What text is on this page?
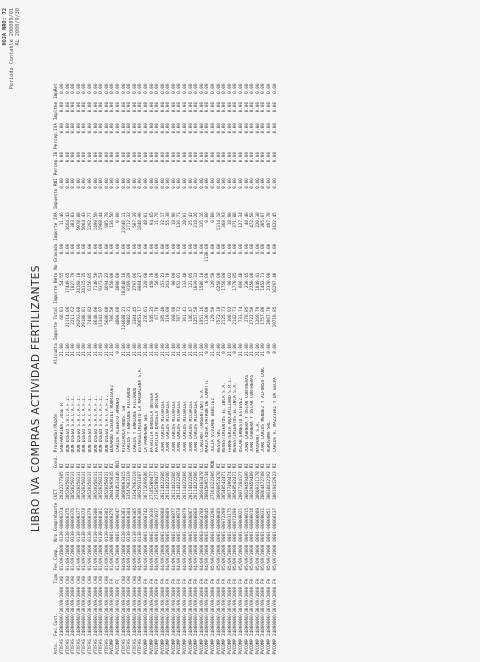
HOJA NRO: 72 Periodo Contable 200009/01 AL 2000/9/30
LIBRO IVA COMPRAS ACTIVIDAD FERTILIZANTES
Asto.	Fec.Cont.	Tipo	Fec.Comp.	Nro.Comprobante	CUIT	Cond.	Proveedor/Razón	Alicuota	Importe Total	Importe Neto	No Gravado	Importe IVA	Impuesto RNI	Percep.IB	Percep.IVA	Impltke	ImpRet
VTXFAS	24800000/30/09/2000	CAB	01/09/2000	0139-00000374	20242377305	RI	SANTAMARINA, JOSE R	21.00	66.01	54.55	0.00	11.46	0.00	0.00	0.00	0.00	0.00
VTXFAS	24800000/30/09/2000	CAB	01/09/2000	0139-00000375	30520250231	RI	DON DIEGO S.A.C.A.F.I.	21.00	21114.06	17449.65	0.00	3664.43	0.00	0.00	0.00	0.00	0.00
VTXFAS	24800000/30/09/2000	CAB	01/09/2000	0139-00000376	30520250231	RI	DON DIEGO S.A.C.A.F.I.	21.00	2211.62	1827.79	0.00	383.83	0.00	0.00	0.00	0.00	0.00
VTXFAS	24800000/30/09/2000	CAB	01/09/2000	0139-00000377	30520250231	RI	DON DIEGO S.A.C.A.F.I.	21.00	29293.08	24168.10	0.00	5078.88	0.00	0.00	0.00	0.00	0.00
VTXFAS	24800000/30/09/2000	CAB	01/09/2000	0139-00000378	30520250231	RI	DON DIEGO S.A.C.A.F.I.	21.00	29180.81	24115.35	0.00	5064.43	0.00	0.00	0.00	0.00	0.00
VTXFAS	24800000/30/09/2000	CAB	01/09/2000	0139-00000379	30520250231	RI	DON DIEGO S.A.C.A.F.I.	21.00	7448.82	6156.05	0.00	1292.77	0.00	0.00	0.00	0.00	0.00
VTXFAS	24800000/30/09/2000	CAB	01/09/2000	0139-00000380	30520250231	RI	DON DIEGO S.A.C.A.F.I.	21.00	8640.00	7140.50	0.00	1499.50	0.00	0.00	0.00	0.00	0.00
VTXFAS	24800000/30/09/2000	CAB	01/09/2000	0139-00000381	30520250231	RI	DON DIEGO S.A.C.A.F.I.	21.00	11341.97	9373.53	0.00	1968.44	0.00	0.00	0.00	0.00	0.00
VTXFAS	24800000/30/09/2000	CAB	01/09/2000	0139-00000382	30520250231	RI	DON DIEGO S.A.C.A.F.I.	21.00	5680.00	4694.22	0.00	985.78	0.00	0.00	0.00	0.00	0.00
PVCOMP	24800000/30/09/2000	FA	01/09/2000	0001-00000276	20045095835	RI	EDUARDO EZEQUIEL RODRIGUEZ	21.00	786.50	650.00	0.00	136.50	0.00	0.00	0.00	0.00	0.00
PVCOMP	24800000/30/09/2000	FC	01/09/2000	0001-00000047	20044533446	RNI	CARLOS ALBERTO AMADEO	0.00	4000.00	4000.00	0.00	0.00	0.00	0.00	0.00	0.00	0.00
VTXFAS	24800000/30/09/2000	CAB	04/09/2000	0139-00000383	30600003415	RI	PIAZZAOLA HNOS. SH	21.00	124688.21	103048.10	0.00	21640.11	0.00	0.00	0.00	0.00	0.00
VTXFAS	24800000/30/09/2000	CAB	04/09/2000	0139-00000384	33547963119	RI	CARLOS Y ENRIQUE PICCARDO	21.00	9882.21	8169.89	0.00	1712.32	0.00	0.00	0.00	0.00	0.00
VTXFAS	24800000/30/09/2000	CAB	04/09/2000	0139-00000385	33547963119	RI	CARLOS Y ENRIQUE PICCARDO	21.00	3384.45	2797.06	0.00	587.39	0.00	0.00	0.00	0.00	0.00
VTXFAS	24800000/30/09/2000	CAB	04/09/2000	0139-00000386	30625931607	RI	ESTABLECIMIENTO LA MAGDALENA S.A.	21.00	10653.17	8804.27	0.00	1848.90	0.00	0.00	0.00	0.00	0.00
PVCOMP	24800000/30/09/2000	FA	04/09/2000	0001-00000742	30711699586	RI	LA PAMPEANA SRL	21.00	276.61	228.60	0.00	48.01	0.00	0.00	0.00	0.00	0.00
PVCOMP	24800000/30/09/2000	FA	04/09/2000	0001-00001036	27185289477	RI	PATRICIA DANIELA ORTEGA	21.00	545.35	450.70	0.00	94.65	0.00	0.00	0.00	0.00	0.00
PVCOMP	24800000/30/09/2000	FA	04/09/2000	0001-00001037	27185289477	RI	PATRICIA DANIELA ORTEGA	21.00	67.76	56.00	0.00	11.76	0.00	0.00	0.00	0.00	0.00
PVCOMP	24800000/30/09/2000	FA	04/09/2000	0001-00000888	20114422206	RI	JUAN CARLOS MICHALEC	21.00	185.40	153.23	0.00	32.17	0.00	0.00	0.00	0.00	0.00
PVCOMP	24800000/30/09/2000	FA	04/09/2000	0001-00000889	20114422206	RI	JUAN CARLOS MICHALEC	21.00	319.08	263.70	0.00	55.38	0.00	0.00	0.00	0.00	0.00
PVCOMP	24800000/30/09/2000	FA	04/09/2000	0001-00000877	20114422206	RI	JUAN CARLOS MICHALEC	21.00	108.90	90.00	0.00	18.90	0.00	0.00	0.00	0.00	0.00
PVCOMP	24800000/30/09/2000	FA	04/09/2000	0001-00000878	20114422206	RI	JUAN CARLOS MICHALEC	21.00	787.72	651.01	0.00	136.71	0.00	0.00	0.00	0.00	0.00
PVCOMP	24800000/30/09/2000	FA	04/09/2000	0001-00000879	20114422206	RI	JUAN CARLOS MICHALEC	21.00	161.41	133.40	0.00	28.01	0.00	0.00	0.00	0.00	0.00
PVCOMP	24800000/30/09/2000	FA	04/09/2000	0001-00000867	20114422206	RI	JUAN CARLOS MICHALEC	21.00	146.47	121.05	0.00	25.42	0.00	0.00	0.00	0.00	0.00
PVCOMP	24800000/30/09/2000	FA	04/09/2000	0001-00000868	20114422206	RI	JUAN CARLOS MICHALEC	21.00	1257.58	1039.32	0.00	218.26	0.00	0.00	0.00	0.00	0.00
PVCOMP	24800000/30/09/2000	FA	04/09/2000	0003-00064788	30694463478	RI	CLARIANT (ARGENTINA) S.A.	21.00	1951.16	1586.10	0.00	335.16	0.00	0.00	0.00	0.00	0.00
PVCOMP	24800000/30/09/2000	FA	04/09/2000	0001-00000045	20045095744	RI	MARIA ROSA PATRON DE LAMATTI	0.00	1130.00	0.00	1130.00	0.00	0.00	0.00	0.00	0.00	0.00
PVCOMP	24800000/30/09/2000	FA	05/09/2000	0001-00002296	27164322206	MON	JULIA VIVIANE BENITEZ	21.00	129.50	129.50	0.00	0.00	0.00	0.00	0.00	0.00	0.00
PVCOMP	24800000/30/09/2000	FA	05/09/2000	0001-00000089	30690852478	RI	RESSA SRL	21.00	7572.18	6258.00	0.00	1314.18	0.00	0.00	0.00	0.00	0.00
PVCOMP	24800000/30/09/2000	FA	05/09/2000	0001-00072298	30548542471	RI	REVESTIMIENTOS EL INCA S.A.	0.00	2125.73	1756.80	0.00	368.93	0.00	0.00	0.00	0.00	0.00
PVCOMP	24800000/30/09/2000	FA	05/09/2000	0001-00003175	30677499474	RI	FERRETERIA MAXIMILIANO S.R.L.	21.00	108.92	90.02	0.00	18.90	0.00	0.00	0.00	0.00	0.00
PVCOMP	24800000/30/09/2000	FA	05/09/2000	0001-00072290	30548542471	RI	REVESTIMIENTOS EL INCA S.A.	0.00	2142.73	1770.85	0.00	371.88	0.00	0.00	0.00	0.00	0.00
PVCOMP	24800000/30/09/2000	FA	05/09/2000	0001-00000021	20077284177	RI	OSCAR ERNESTO ESTEVEZ	21.00	733.74	606.40	0.00	127.34	0.00	0.00	0.00	0.00	0.00
PVCOMP	24800000/30/09/2000	FA	05/09/2000	0001-00000015	30629459489	RI	JUAN CABRERA Y OSCAR CONTRERAS	21.00	278.85	230.45	0.00	48.40	0.00	0.00	0.00	0.00	0.00
PVCOMP	24800000/30/09/2000	FA	05/09/2000	0001-00000016	30629459489	RI	JUAN CABRERA Y OSCAR CONTRERAS	21.00	2722.50	2250.00	0.00	472.50	0.00	0.00	0.00	0.00	0.00
PVCOMP	24800000/30/09/2000	FA	05/09/2000	0001-00000089	30609311178	RI	MAXPORT S.A.	21.00	1269.79	1049.41	0.00	220.38	0.00	0.00	0.00	0.00	0.00
PVCOMP	24800000/30/09/2000	FA	05/09/2000	0001-00000031	20064472788	RI	JUAN CARLOS MENDEZ Y ALFONSO CANC	21.00	1757.80	1452.73	0.00	305.07	0.00	0.00	0.00	0.00	0.00
PVCOMP	24800000/30/09/2000	FA	05/09/2000	0001-00006851	30638432192	RI	AGROSUMA SRL	0.00	2867.70	2370.00	0.00	497.70	0.00	0.00	0.00	0.00	0.00
PVCOMP	24800000/30/09/2000	FA	05/09/2000	0001-00006137	30619412923	RI	CARLOS A. MAZZIERI Y OA SECPA	0.00	19719.85	16297.40	0.00	3422.45	0.00	0.00	0.00	0.00	0.00
